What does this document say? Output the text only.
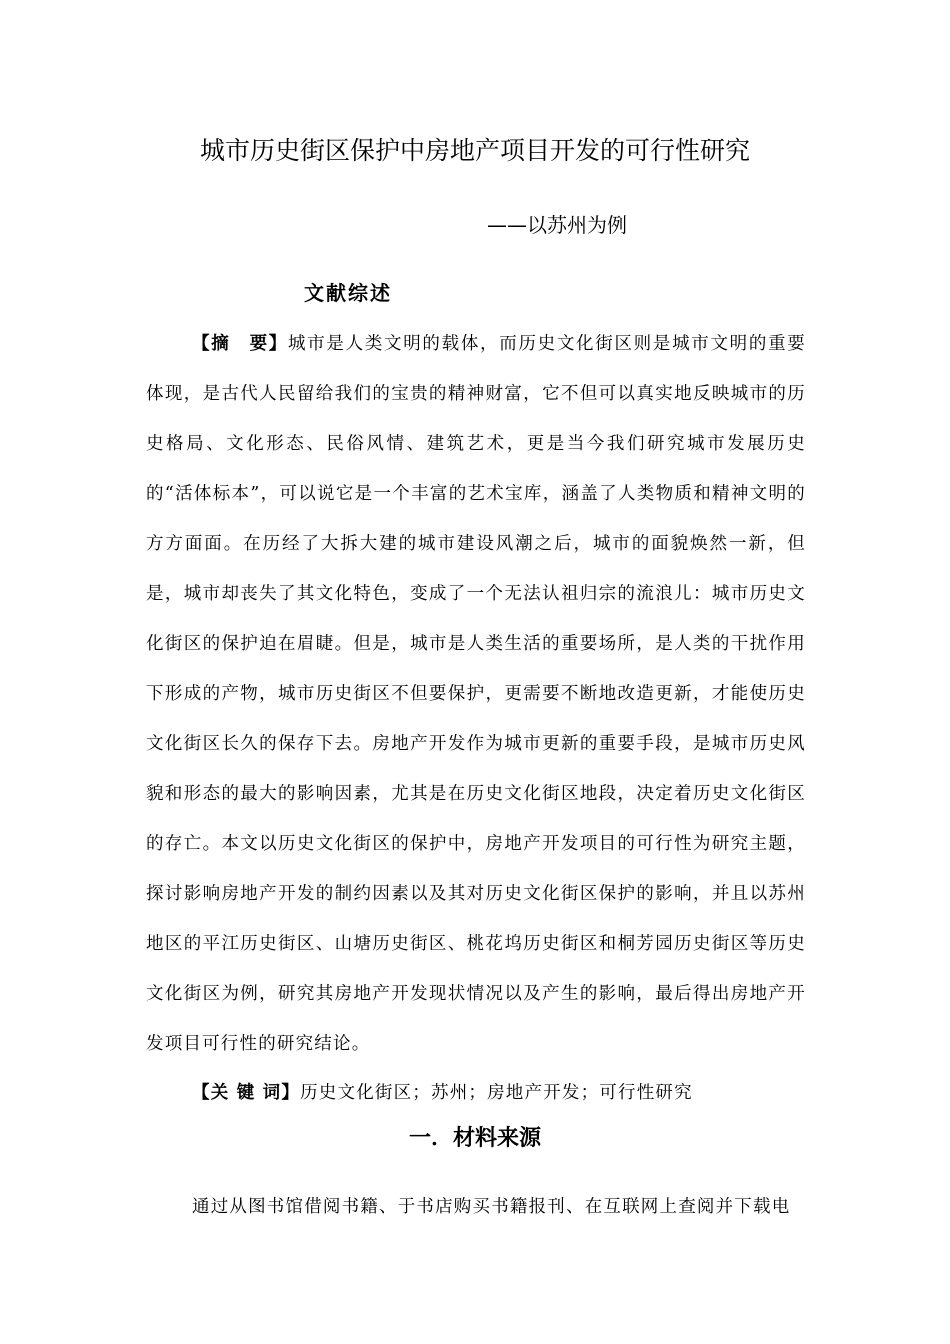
城市历史街区保护中房地产项目开发的可行性研究
——以苏州为例
文献综述
【摘　要】城市是人类文明的载体，而历史文化街区则是城市文明的重要体现，是古代人民留给我们的宝贵的精神财富，它不但可以真实地反映城市的历史格局、文化形态、民俗风情、建筑艺术，更是当今我们研究城市发展历史的“活体标本”，可以说它是一个丰富的艺术宝库，涵盖了人类物质和精神文明的方方面面。在历经了大拆大建的城市建设风潮之后，城市的面貌焕然一新，但是，城市却丧失了其文化特色，变成了一个无法认祖归宗的流浪儿：城市历史文化街区的保护迫在眉睫。但是，城市是人类生活的重要场所，是人类的干扰作用下形成的产物，城市历史街区不但要保护，更需要不断地改造更新，才能使历史文化街区长久的保存下去。房地产开发作为城市更新的重要手段，是城市历史风貌和形态的最大的影响因素，尤其是在历史文化街区地段，决定着历史文化街区的存亡。本文以历史文化街区的保护中，房地产开发项目的可行性为研究主题，探讨影响房地产开发的制约因素以及其对历史文化街区保护的影响，并且以苏州地区的平江历史街区、山塘历史街区、桃花坞历史街区和桐芳园历史街区等历史文化街区为例，研究其房地产开发现状情况以及产生的影响，最后得出房地产开发项目可行性的研究结论。
【关 键 词】历史文化街区；苏州；房地产开发；可行性研究
一．材料来源
通过从图书馆借阅书籍、于书店购买书籍报刊、在互联网上查阅并下载电
